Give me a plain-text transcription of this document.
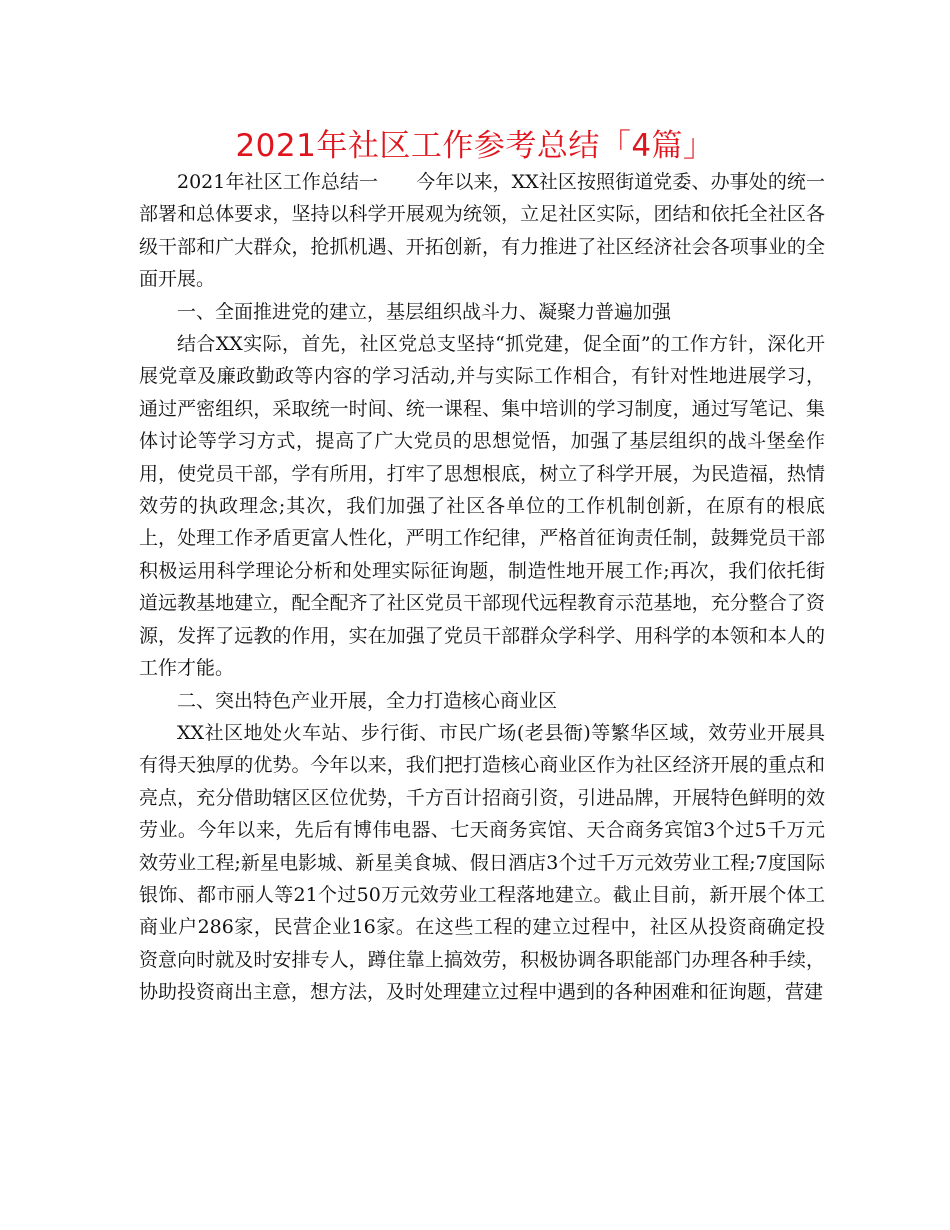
2021年社区工作参考总结「4篇」

2021年社区工作总结一 今年以来，XX社区按照街道党委、办事处的统一部署和总体要求，坚持以科学开展观为统领，立足社区实际，团结和依托全社区各级干部和广大群众，抢抓机遇、开拓创新，有力推进了社区经济社会各项事业的全面开展。

一、全面推进党的建立，基层组织战斗力、凝聚力普遍加强

结合XX实际，首先，社区党总支坚持“抓党建，促全面”的工作方针，深化开展党章及廉政勤政等内容的学习活动,并与实际工作相合，有针对性地进展学习，通过严密组织，采取统一时间、统一课程、集中培训的学习制度，通过写笔记、集体讨论等学习方式，提高了广大党员的思想觉悟，加强了基层组织的战斗堡垒作用，使党员干部，学有所用，打牢了思想根底，树立了科学开展，为民造福，热情效劳的执政理念;其次，我们加强了社区各单位的工作机制创新，在原有的根底上，处理工作矛盾更富人性化，严明工作纪律，严格首征询责任制，鼓舞党员干部积极运用科学理论分析和处理实际征询题，制造性地开展工作;再次，我们依托街道远教基地建立，配全配齐了社区党员干部现代远程教育示范基地，充分整合了资源，发挥了远教的作用，实在加强了党员干部群众学科学、用科学的本领和本人的工作才能。

二、突出特色产业开展，全力打造核心商业区

XX社区地处火车站、步行街、市民广场(老县衙)等繁华区域，效劳业开展具有得天独厚的优势。今年以来，我们把打造核心商业区作为社区经济开展的重点和亮点，充分借助辖区区位优势，千方百计招商引资，引进品牌，开展特色鲜明的效劳业。今年以来，先后有博伟电器、七天商务宾馆、天合商务宾馆3个过5千万元效劳业工程;新星电影城、新星美食城、假日酒店3个过千万元效劳业工程;7度国际银饰、都市丽人等21个过50万元效劳业工程落地建立。截止目前，新开展个体工商业户286家，民营企业16家。在这些工程的建立过程中，社区从投资商确定投资意向时就及时安排专人，蹲住靠上搞效劳，积极协调各职能部门办理各种手续，协助投资商出主意，想方法，及时处理建立过程中遇到的各种困难和征询题，营建
